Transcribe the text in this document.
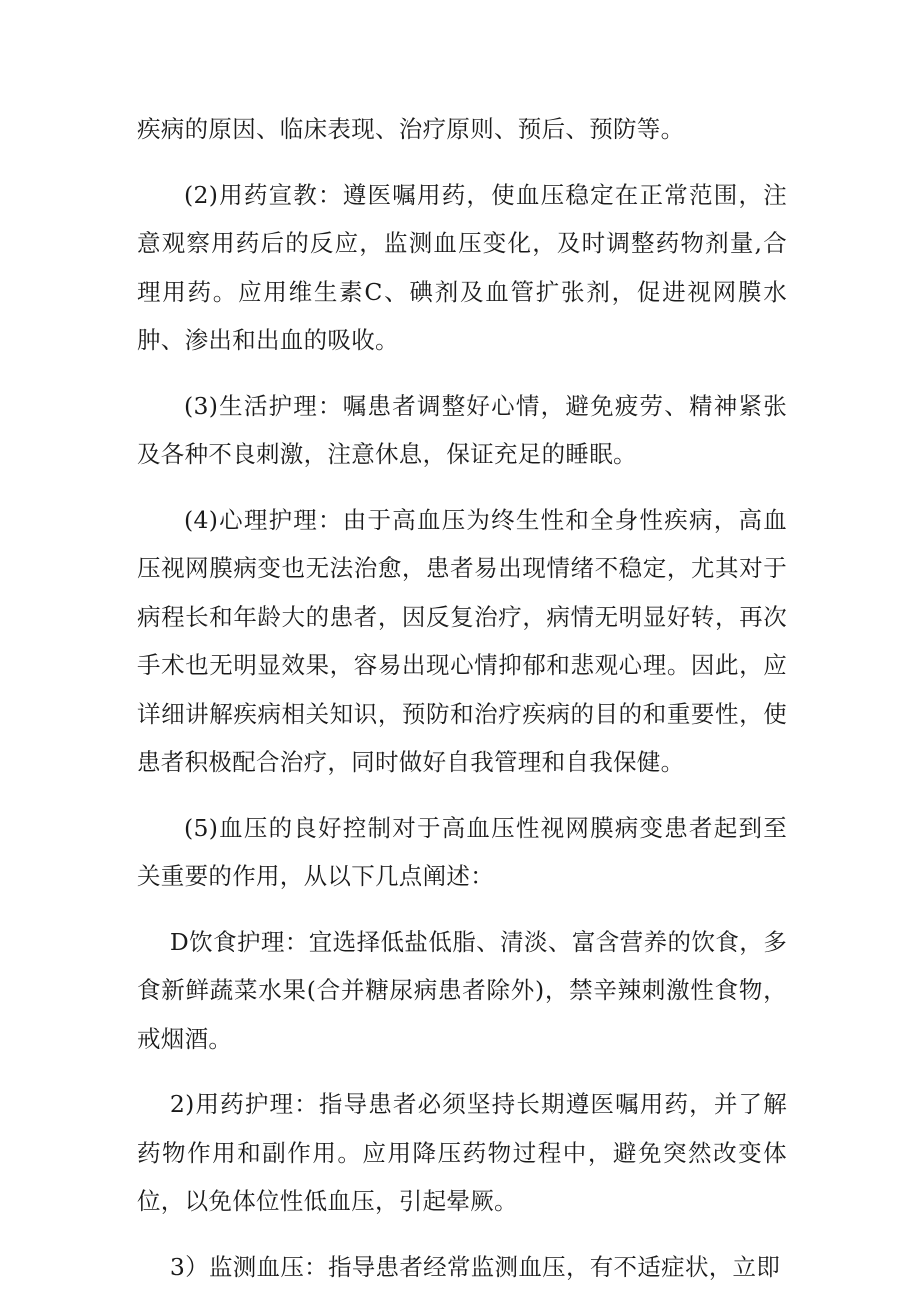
疾病的原因、临床表现、治疗原则、预后、预防等。

(2)用药宣教：遵医嘱用药，使血压稳定在正常范围，注意观察用药后的反应，监测血压变化，及时调整药物剂量,合理用药。应用维生素C、碘剂及血管扩张剂，促进视网膜水肿、渗出和出血的吸收。

(3)生活护理：嘱患者调整好心情，避免疲劳、精神紧张及各种不良刺激，注意休息，保证充足的睡眠。

(4)心理护理：由于高血压为终生性和全身性疾病，高血压视网膜病变也无法治愈，患者易出现情绪不稳定，尤其对于病程长和年龄大的患者，因反复治疗，病情无明显好转，再次手术也无明显效果，容易出现心情抑郁和悲观心理。因此，应详细讲解疾病相关知识，预防和治疗疾病的目的和重要性，使患者积极配合治疗，同时做好自我管理和自我保健。

(5)血压的良好控制对于高血压性视网膜病变患者起到至关重要的作用，从以下几点阐述：

D饮食护理：宜选择低盐低脂、清淡、富含营养的饮食，多食新鲜蔬菜水果(合并糖尿病患者除外)，禁辛辣刺激性食物，戒烟酒。

2)用药护理：指导患者必须坚持长期遵医嘱用药，并了解药物作用和副作用。应用降压药物过程中，避免突然改变体位，以免体位性低血压，引起晕厥。

3）监测血压：指导患者经常监测血压，有不适症状，立即
